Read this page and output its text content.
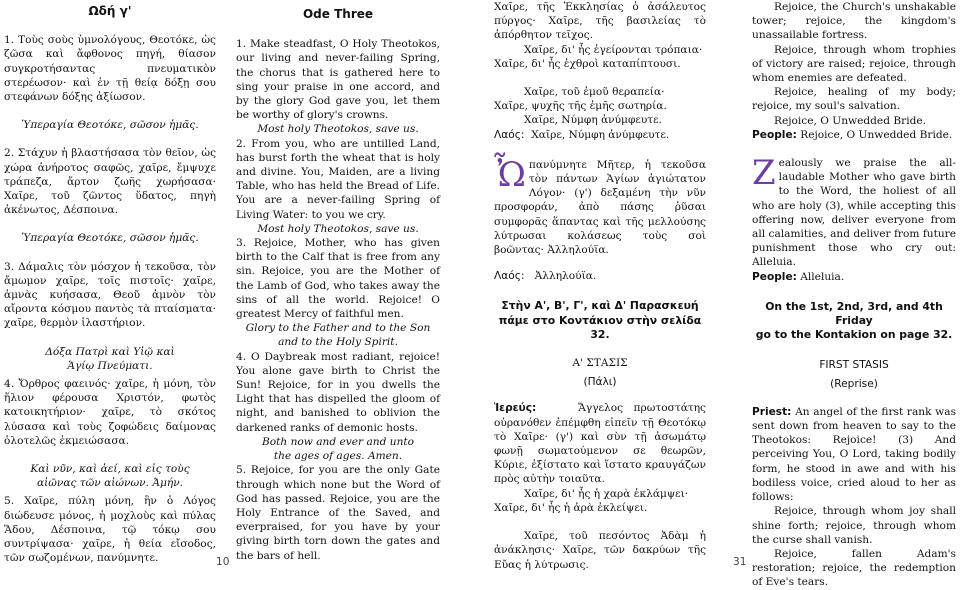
Ωδή γ'

1. Τοὺς σοὺς ὑμνολόγους, Θεοτόκε, ὡς ζῶσα καὶ ἄφθονος πηγή, θίασον συγκροτήσαντας πνευματικὸν στερέωσον· καὶ ἐν τῇ θείᾳ δόξῃ σου στεφάνων δόξης ἀξίωσον.

Ὑπεραγία Θεοτόκε, σῶσον ἡμᾶς.

2. Στάχυν ἡ βλαστήσασα τὸν θεῖον, ὡς χώρα ἀνήροτος σαφῶς, χαῖρε, ἔμψυχε τράπεζα, ἄρτον ζωῆς χωρήσασα· Χαῖρε, τοῦ ζῶντος ὕδατος, πηγὴ ἀκένωτος, Δέσποινα.

Ὑπεραγία Θεοτόκε, σῶσον ἡμᾶς.

3. Δάμαλις τὸν μόσχον ἡ τεκοῦσα, τὸν ἄμωμον χαῖρε, τοῖς πιστοῖς· χαῖρε, ἀμνὰς κυήσασα, Θεοῦ ἀμνὸν τὸν αἴροντα κόσμου παντὸς τὰ πταίσματα· χαῖρε, θερμὸν ἱλαστήριον.

Δόξα Πατρὶ καὶ Υἱῷ καὶ

Ἁγίῳ Πνεύματι.

4. Ὄρθρος φαεινός· χαῖρε, ἡ μόνη, τὸν ἥλιον φέρουσα Χριστόν, φωτὸς κατοικητήριον· χαῖρε, τὸ σκότος λύσασα καὶ τοὺς ζοφώδεις δαίμονας ὁλοτελῶς ἐκμειώσασα.

Καὶ νῦν, καὶ ἀεί, καὶ εἰς τοὺς

αἰῶνας τῶν αἰώνων. Ἀμήν.

5. Χαῖρε, πύλη μόνη, ἣν ὁ Λόγος διώδευσε μόνος, ἡ μοχλοὺς καὶ πύλας Ἅδου, Δέσποινα, τῷ τόκῳ σου συντρίψασα· χαῖρε, ἡ θεία εἴσοδος, τῶν σωζομένων, πανύμνητε.

Ode Three

1. Make steadfast, O Holy Theotokos, our living and never-failing Spring, the chorus that is gathered here to sing your praise in one accord, and by the glory God gave you, let them be worthy of glory's crowns.

Most holy Theotokos, save us.

2. From you, who are untilled Land, has burst forth the wheat that is holy and divine. You, Maiden, are a living Table, who has held the Bread of Life. You are a never-failing Spring of Living Water: to you we cry.

Most holy Theotokos, save us.

3. Rejoice, Mother, who has given birth to the Calf that is free from any sin. Rejoice, you are the Mother of the Lamb of God, who takes away the sins of all the world. Rejoice! O greatest Mercy of faithful men.

Glory to the Father and to the Son

and to the Holy Spirit.

4. O Daybreak most radiant, rejoice! You alone gave birth to Christ the Sun! Rejoice, for in you dwells the Light that has dispelled the gloom of night, and banished to oblivion the darkened ranks of demonic hosts.

Both now and ever and unto

the ages of ages. Amen.

5. Rejoice, for you are the only Gate through which none but the Word of God has passed. Rejoice, you are the Holy Entrance of the Saved, and everpraised, for you have by your giving birth torn down the gates and the bars of hell.

10

Χαῖρε, τῆς Ἐκκλησίας ὁ ἀσάλευτος πύργος· Χαῖρε, τῆς βασιλείας τὸ ἀπόρθητον τεῖχος.

Χαῖρε, δι' ἧς ἐγείρονται τρόπαια·

Χαῖρε, δι' ἧς ἐχθροὶ καταπίπτουσι.

Χαῖρε, τοῦ ἐμοῦ θεραπεία·

Χαῖρε, ψυχῆς τῆς ἐμῆς σωτηρία.

Χαῖρε, Νύμφη ἀνύμφευτε.

Λαός: Χαῖρε, Νύμφη ἀνύμφευτε.

Ὦπανύμνητε Μῆτερ, ἡ τεκοῦσα τὸν πάντων Ἁγίων ἁγιώτατον Λόγον· (γ') δεξαμένη τὴν νῦν προσφοράν, ἀπὸ πάσης ῥῦσαι συμφορᾶς ἅπαντας καὶ τῆς μελλούσης λύτρωσαι κολάσεως τοὺς σοὶ βοῶντας· Ἀλληλούϊα.

Λαός: Ἀλληλούϊα.

Στὴν Α', Β', Γ', καὶ Δ' Παρασκευή
πάμε στο Κοντάκιον στὴν σελίδα 32.
Α' ΣΤΑΣΙΣ
(Πάλι)

Ἱερεύς:	Ἄγγελος πρωτοστάτης οὐρανόθεν ἐπέμφθη εἰπεῖν τῇ Θεοτόκῳ τὸ Χαῖρε· (γ') καὶ σὺν τῇ ἀσωμάτῳ φωνῇ σωματούμενον σε θεωρῶν, Κύριε, ἐξίστατο καὶ ἵστατο κραυγάζων πρὸς αὐτὴν τοιαῦτα.

Χαῖρε, δι' ἧς ἡ χαρὰ ἐκλάμψει·

Χαῖρε, δι' ἧς ἡ ἀρὰ ἐκλείψει.

Χαῖρε, τοῦ πεσόντος Ἀδὰμ ἡ ἀνάκλησις· Χαῖρε, τῶν δακρύων τῆς Εὔας ἡ λύτρωσις.

Rejoice, the Church's unshakable tower; rejoice, the kingdom's unassailable fortress.

Rejoice, through whom trophies of victory are raised; rejoice, through whom enemies are defeated.

Rejoice, healing of my body; rejoice, my soul's salvation.

Rejoice, O Unwedded Bride.

People: Rejoice, O Unwedded Bride.

Zealously we praise the all-laudable Mother who gave birth to the Word, the holiest of all who are holy (3), while accepting this offering now, deliver everyone from all calamities, and deliver from future punishment those who cry out: Alleluia.

People: Alleluia.

On the 1st, 2nd, 3rd, and 4th Friday
go to the Kontakion on page 32.
FIRST STASIS
(Reprise)

Priest: An angel of the first rank was sent down from heaven to say to the Theotokos: Rejoice! (3) And perceiving You, O Lord, taking bodily form, he stood in awe and with his bodiless voice, cried aloud to her as follows:

Rejoice, through whom joy shall shine forth; rejoice, through whom the curse shall vanish.

Rejoice, fallen Adam's restoration; rejoice, the redemption of Eve's tears.

31
